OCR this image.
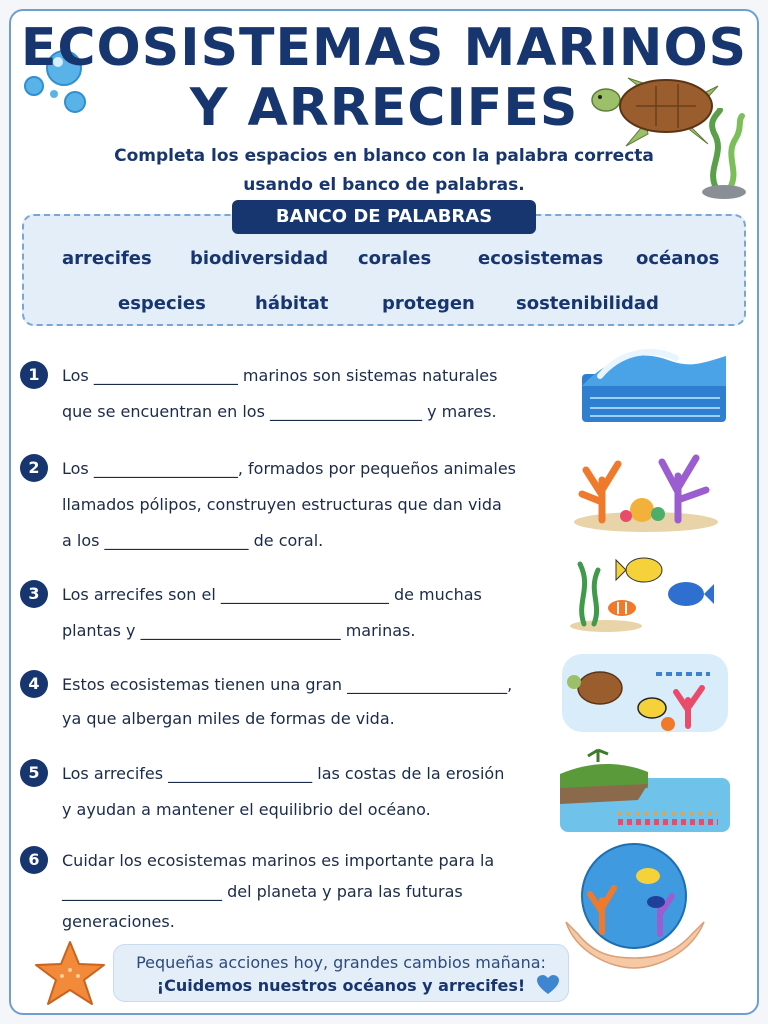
ECOSISTEMAS MARINOS
Y ARRECIFES
Completa los espacios en blanco con la palabra correcta
usando el banco de palabras.
BANCO DE PALABRAS
arrecifes biodiversidad corales	ecosistemas océanos
especies	hábitat	protegen sostenibilidad
1	Los __________________ marinos son sistemas naturales
que se encuentran en los ___________________ y mares.
2	Los __________________, formados por pequeños animales
llamados pólipos, construyen estructuras que dan vida
a los __________________ de coral.
3	Los arrecifes son el _____________________ de muchas
plantas y _________________________ marinas.
4	Estos ecosistemas tienen una gran ____________________,
ya que albergan miles de formas de vida.
5	Los arrecifes __________________ las costas de la erosión
y ayudan a mantener el equilibrio del océano.
6	Cuidar los ecosistemas marinos es importante para la
____________________ del planeta y para las futuras
generaciones.
Pequeñas acciones hoy, grandes cambios mañana:
¡Cuidemos nuestros océanos y arrecifes!
